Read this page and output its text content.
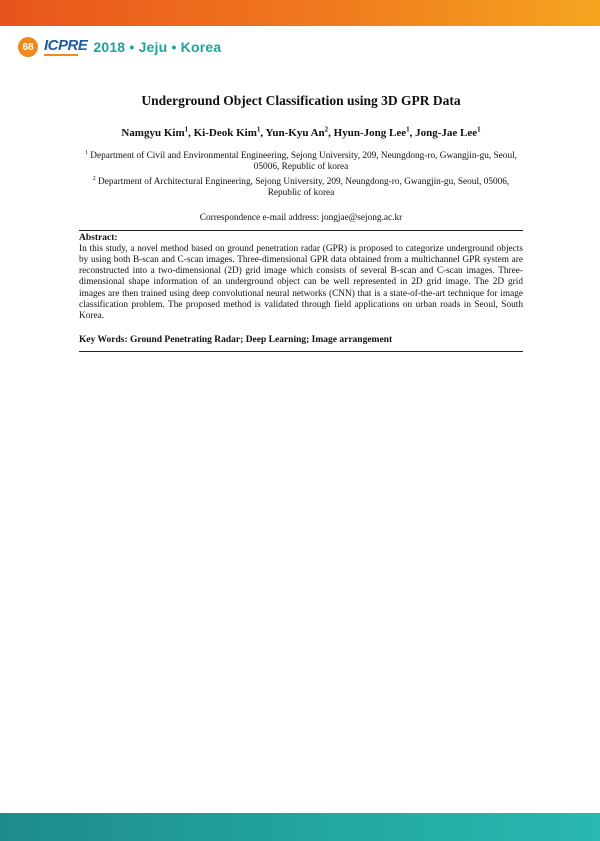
68 ICPRE 2018 • Jeju • Korea
Underground Object Classification using 3D GPR Data
Namgyu Kim$^1$, Ki-Deok Kim$^1$, Yun-Kyu An$^2$, Hyun-Jong Lee$^1$, Jong-Jae Lee$^1$
$^1$ Department of Civil and Environmental Engineering, Sejong University, 209, Neungdong-ro, Gwangjin-gu, Seoul, 05006, Republic of korea
$^2$ Department of Architectural Engineering, Sejong University, 209, Neungdong-ro, Gwangjin-gu, Seoul, 05006, Republic of korea
Correspondence e-mail address: jongjae@sejong.ac.kr
Abstract:

In this study, a novel method based on ground penetration radar (GPR) is proposed to categorize underground objects by using both B-scan and C-scan images. Three-dimensional GPR data obtained from a multichannel GPR system are reconstructed into a two-dimensional (2D) grid image which consists of several B-scan and C-scan images. Three-dimensional shape information of an underground object can be well represented in 2D grid image. The 2D grid images are then trained using deep convolutional neural networks (CNN) that is a state-of-the-art technique for image classification problem. The proposed method is validated through field applications on urban roads in Seoul, South Korea.

Key Words: Ground Penetrating Radar; Deep Learning; Image arrangement
